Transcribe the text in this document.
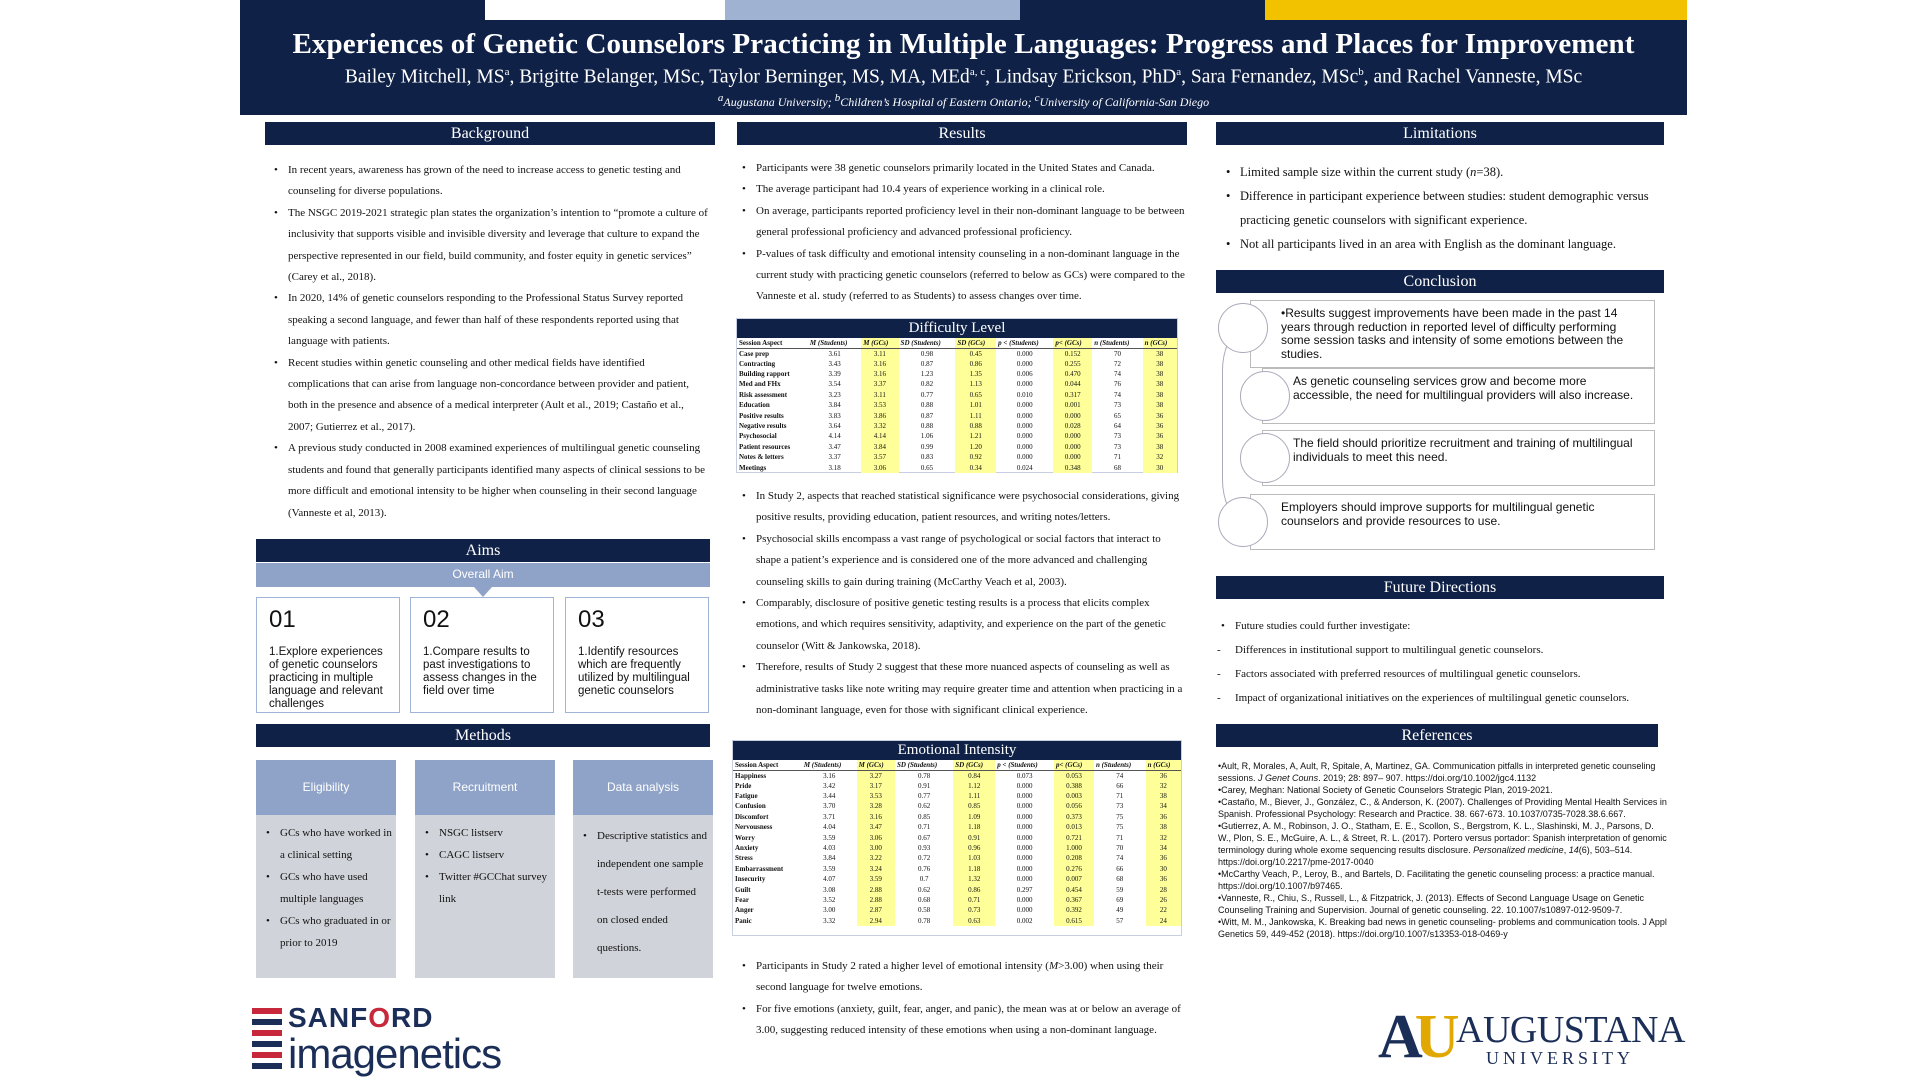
Experiences of Genetic Counselors Practicing in Multiple Languages: Progress and Places for Improvement
Bailey Mitchell, $MS^a$, Brigitte Belanger, MSc, Taylor Berninger, MS, MA, MEd$^{a, c}$, Lindsay Erickson, PhD$^a$, Sara Fernandez, MSc$^b$, and Rachel Vanneste, MSc
$^a$Augustana University; $^b$Children’s Hospital of Eastern Ontario; $^c$University of California-San Diego
Background
• In recent years, awareness has grown of the need to increase access to genetic testing and counseling for diverse populations.
• The NSGC 2019-2021 strategic plan states the organization’s intention to “promote a culture of inclusivity that supports visible and invisible diversity and leverage that culture to expand the perspective represented in our field, build community, and foster equity in genetic services” (Carey et al., 2018).
• In 2020, 14% of genetic counselors responding to the Professional Status Survey reported speaking a second language, and fewer than half of these respondents reported using that language with patients.
• Recent studies within genetic counseling and other medical fields have identified complications that can arise from language non-concordance between provider and patient, both in the presence and absence of a medical interpreter (Ault et al., 2019; Castaño et al., 2007; Gutierrez et al., 2017).
• A previous study conducted in 2008 examined experiences of multilingual genetic counseling students and found that generally participants identified many aspects of clinical sessions to be more difficult and emotional intensity to be higher when counseling in their second language (Vanneste et al, 2013).
Aims
Overall Aim
01
1.Explore experiences of genetic counselors practicing in multiple language and relevant challenges
02
1.Compare results to past investigations to assess changes in the field over time
03
1.Identify resources which are frequently utilized by multilingual genetic counselors
Methods
Eligibility
• GCs who have worked in a clinical setting
• GCs who have used multiple languages
• GCs who graduated in or prior to 2019
Recruitment
• NSGC listserv
• CAGC listserv
• Twitter #GCChat survey link
Data analysis
• Descriptive statistics and independent one sample t-tests were performed on closed ended questions.
Results
• Participants were 38 genetic counselors primarily located in the United States and Canada.
• The average participant had 10.4 years of experience working in a clinical role.
• On average, participants reported proficiency level in their non-dominant language to be between general professional proficiency and advanced professional proficiency.
• P-values of task difficulty and emotional intensity counseling in a non-dominant language in the current study with practicing genetic counselors (referred to below as GCs) were compared to the Vanneste et al. study (referred to as Students) to assess changes over time.
Difficulty Level
Session Aspect	M (Students)	M (GCs)	SD (Students)	SD (GCs)	p < (Students)	p< (GCs)	n (Students)	n (GCs)
Case prep	3.61	3.11	0.98	0.45	0.000	0.152	70	38
Contracting	3.43	3.16	0.87	0.86	0.000	0.255	72	38
Building rapport	3.39	3.16	1.23	1.35	0.006	0.470	74	38
Med and FHx	3.54	3.37	0.82	1.13	0.000	0.044	76	38
Risk assessment	3.23	3.11	0.77	0.65	0.010	0.317	74	38
Education	3.84	3.53	0.88	1.01	0.000	0.001	73	38
Positive results	3.83	3.86	0.87	1.11	0.000	0.000	65	36
Negative results	3.64	3.32	0.88	0.88	0.000	0.028	64	36
Psychosocial	4.14	4.14	1.06	1.21	0.000	0.000	73	36
Patient resources	3.47	3.84	0.99	1.20	0.000	0.000	73	38
Notes & letters	3.37	3.57	0.83	0.92	0.000	0.000	71	32
Meetings	3.18	3.06	0.65	0.34	0.024	0.348	68	30
• In Study 2, aspects that reached statistical significance were psychosocial considerations, giving positive results, providing education, patient resources, and writing notes/letters.
• Psychosocial skills encompass a vast range of psychological or social factors that interact to shape a patient’s experience and is considered one of the more advanced and challenging counseling skills to gain during training (McCarthy Veach et al, 2003).
• Comparably, disclosure of positive genetic testing results is a process that elicits complex emotions, and which requires sensitivity, adaptivity, and experience on the part of the genetic counselor (Witt & Jankowska, 2018).
• Therefore, results of Study 2 suggest that these more nuanced aspects of counseling as well as administrative tasks like note writing may require greater time and attention when practicing in a non-dominant language, even for those with significant clinical experience.
Emotional Intensity
Session Aspect	M (Students)	M (GCs)	SD (Students)	SD (GCs)	p < (Students)	p< (GCs)	n (Students)	n (GCs)
Happiness	3.16	3.27	0.78	0.84	0.073	0.053	74	36
Pride	3.42	3.17	0.91	1.12	0.000	0.388	66	32
Fatigue	3.44	3.53	0.77	1.11	0.000	0.003	71	38
Confusion	3.70	3.28	0.62	0.85	0.000	0.056	73	34
Discomfort	3.71	3.16	0.85	1.09	0.000	0.373	75	36
Nervousness	4.04	3.47	0.71	1.18	0.000	0.013	75	38
Worry	3.59	3.06	0.67	0.91	0.000	0.721	71	32
Anxiety	4.03	3.00	0.93	0.96	0.000	1.000	70	34
Stress	3.84	3.22	0.72	1.03	0.000	0.208	74	36
Embarrassment	3.59	3.24	0.76	1.18	0.000	0.276	66	30
Insecurity	4.07	3.59	0.7	1.32	0.000	0.007	68	36
Guilt	3.08	2.88	0.62	0.86	0.297	0.454	59	28
Fear	3.52	2.88	0.68	0.71	0.000	0.367	69	26
Anger	3.00	2.87	0.58	0.73	0.000	0.392	49	22
Panic	3.32	2.94	0.78	0.63	0.002	0.615	57	24
• Participants in Study 2 rated a higher level of emotional intensity (M>3.00) when using their second language for twelve emotions.
• For five emotions (anxiety, guilt, fear, anger, and panic), the mean was at or below an average of 3.00, suggesting reduced intensity of these emotions when using a non-dominant language.
Limitations
• Limited sample size within the current study (n=38).
• Difference in participant experience between studies: student demographic versus practicing genetic counselors with significant experience.
• Not all participants lived in an area with English as the dominant language.
Conclusion
•Results suggest improvements have been made in the past 14 years through reduction in reported level of difficulty performing some session tasks and intensity of some emotions between the studies.
As genetic counseling services grow and become more accessible, the need for multilingual providers will also increase.
The field should prioritize recruitment and training of multilingual individuals to meet this need.
Employers should improve supports for multilingual genetic counselors and provide resources to use.
Future Directions
• Future studies could further investigate:
- Differences in institutional support to multilingual genetic counselors.
- Factors associated with preferred resources of multilingual genetic counselors.
- Impact of organizational initiatives on the experiences of multilingual genetic counselors.
References

•Ault, R, Morales, A, Ault, R, Spitale, A, Martinez, GA. Communication pitfalls in interpreted genetic counseling sessions. J Genet Couns. 2019; 28: 897– 907. https://doi.org/10.1002/jgc4.1132

•Carey, Meghan: National Society of Genetic Counselors Strategic Plan, 2019-2021.

•Castaño, M., Biever, J., González, C., & Anderson, K. (2007). Challenges of Providing Mental Health Services in Spanish. Professional Psychology: Research and Practice. 38. 667-673. 10.1037/0735-7028.38.6.667.

•Gutierrez, A. M., Robinson, J. O., Statham, E. E., Scollon, S., Bergstrom, K. L., Slashinski, M. J., Parsons, D. W., Plon, S. E., McGuire, A. L., & Street, R. L. (2017). Portero versus portador: Spanish interpretation of genomic terminology during whole exome sequencing results disclosure. Personalized medicine, 14(6), 503–514. https://doi.org/10.2217/pme-2017-0040

•McCarthy Veach, P., Leroy, B., and Bartels, D. Facilitating the genetic counseling process: a practice manual. https://doi.org/10.1007/b97465.

•Vanneste, R., Chiu, S., Russell, L., & Fitzpatrick, J. (2013). Effects of Second Language Usage on Genetic Counseling Training and Supervision. Journal of genetic counseling. 22. 10.1007/s10897-012-9509-7.

•Witt, M. M., Jankowska, K. Breaking bad news in genetic counseling- problems and communication tools. J Appl Genetics 59, 449-452 (2018). https://doi.org/10.1007/s13353-018-0469-y

SANFORD
imagenetics	AU
AUGUSTANA
UNIVERSITY
